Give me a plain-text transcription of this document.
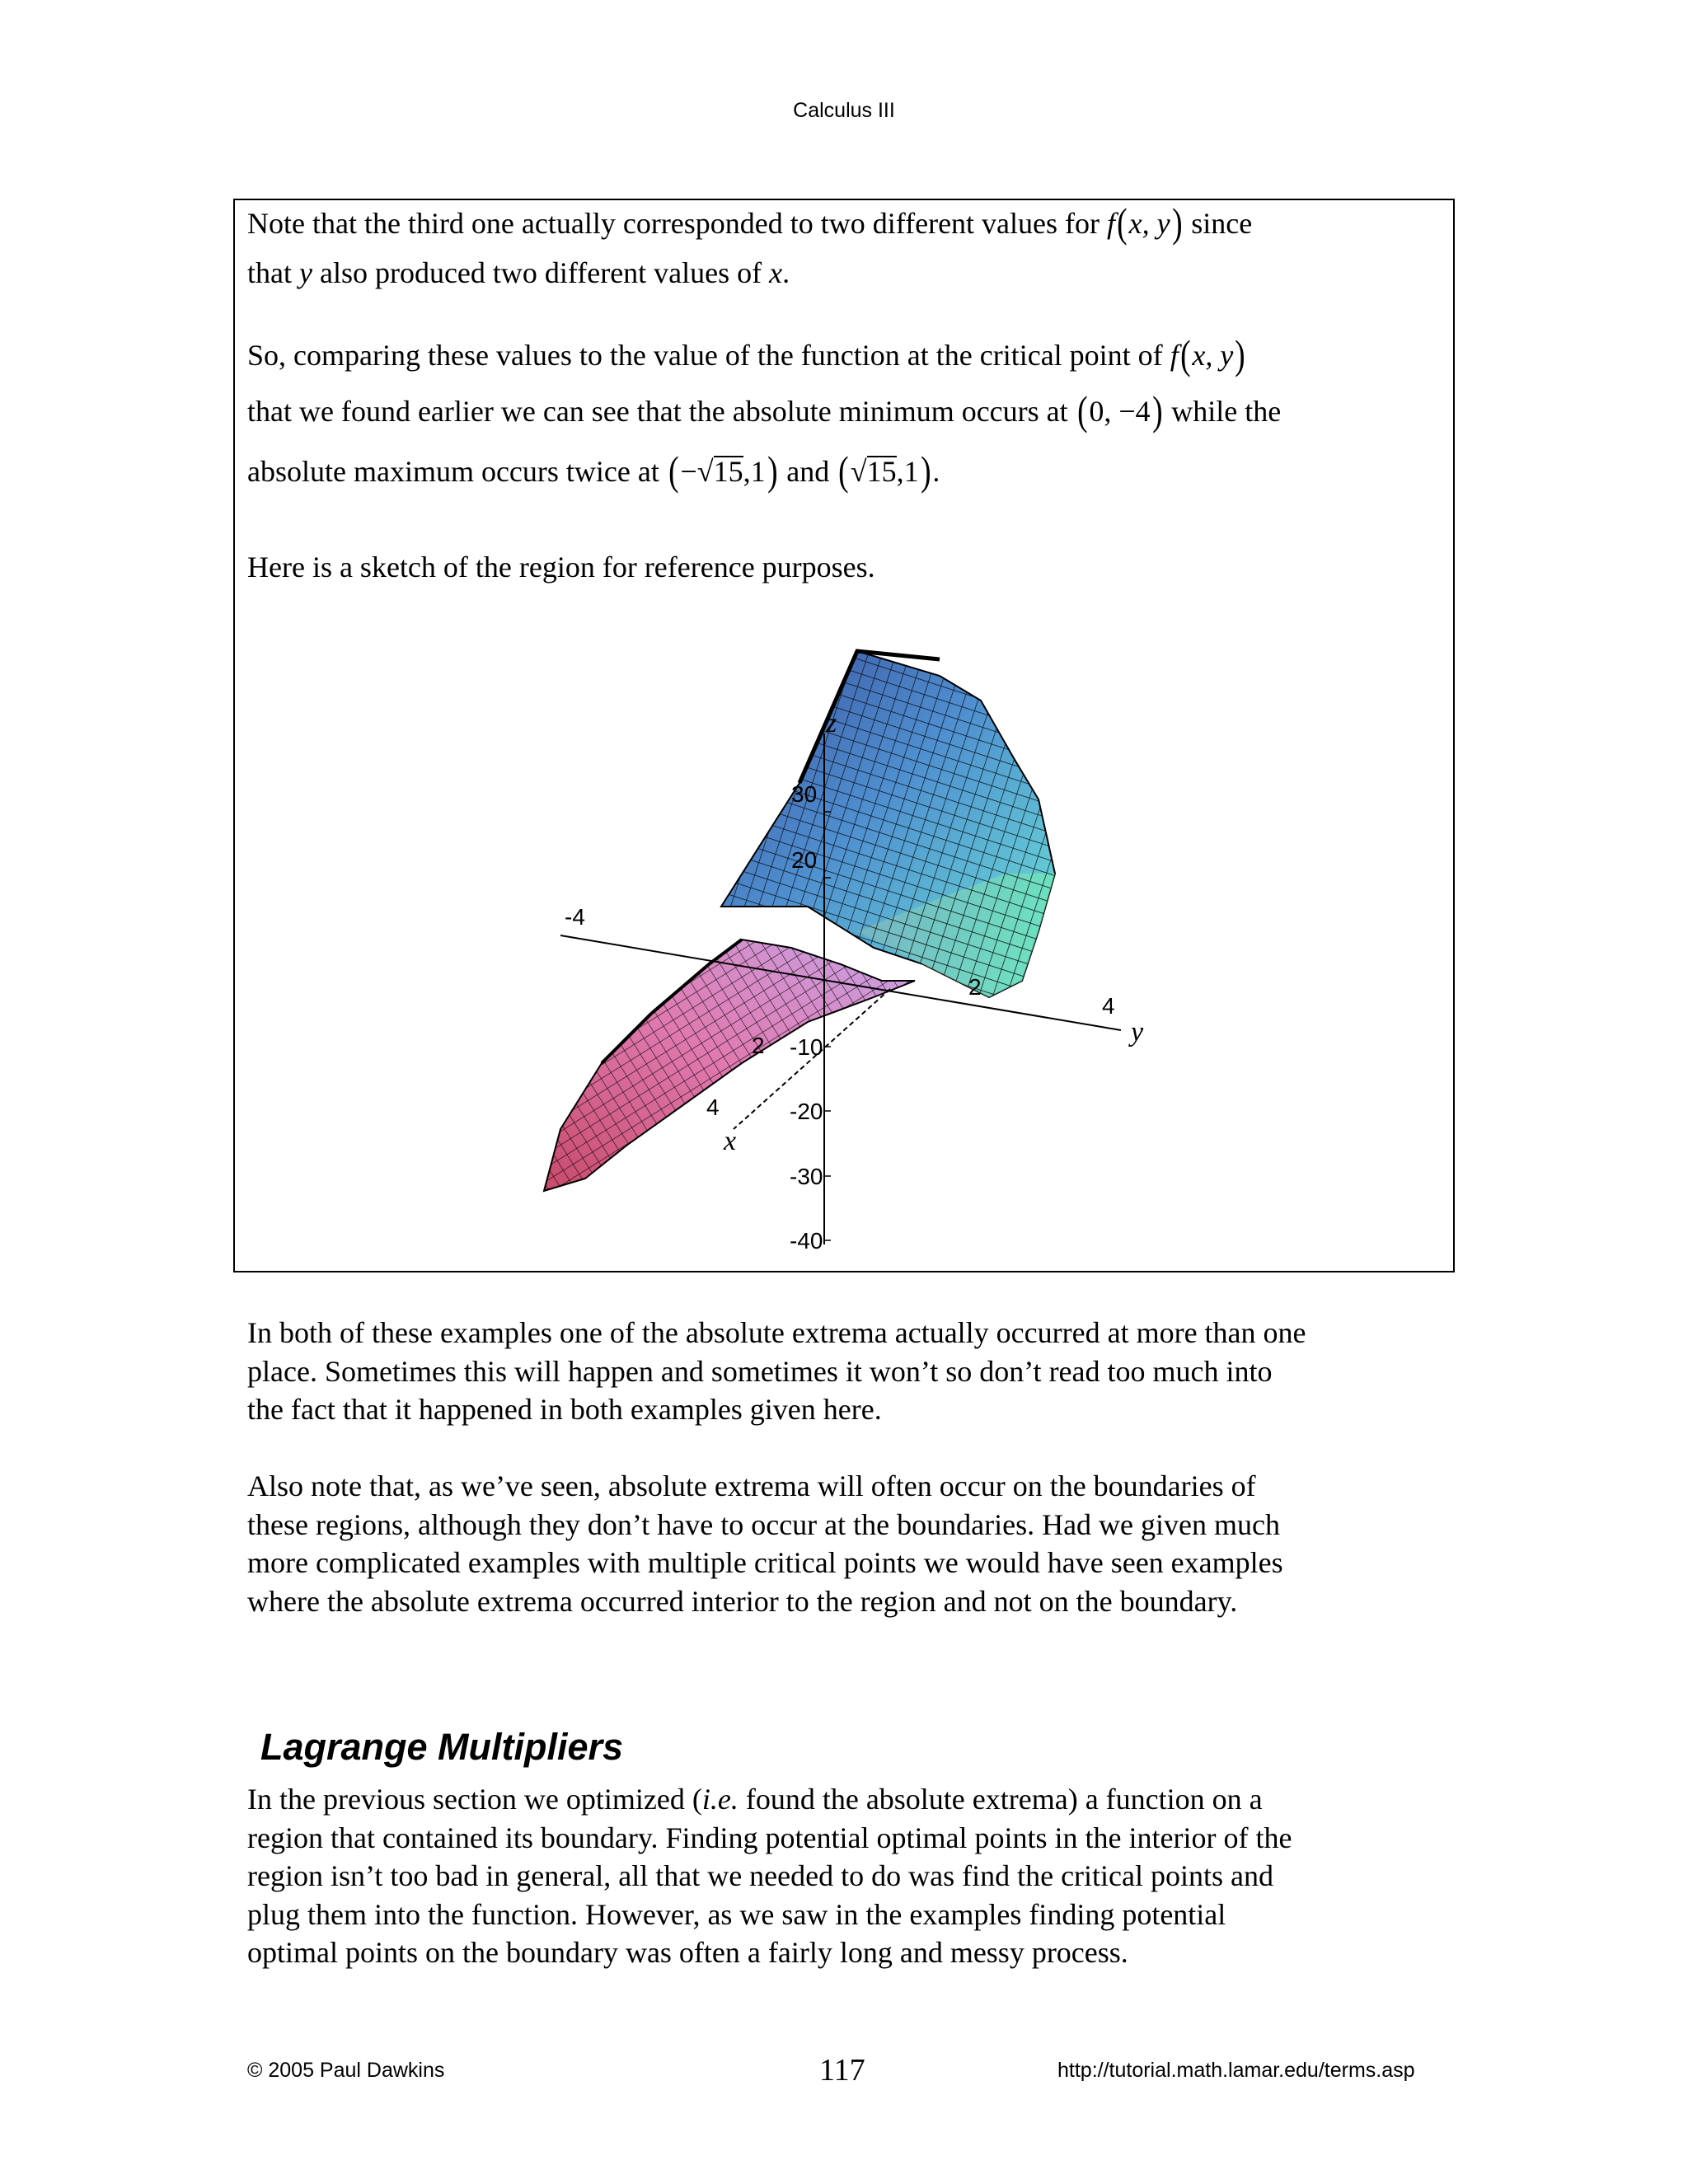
Calculus III
Note that the third one actually corresponded to two different values for f(x, y) since
that y also produced two different values of x.
So, comparing these values to the value of the function at the critical point of f(x, y)
that we found earlier we can see that the absolute minimum occurs at (0, −4) while the
absolute maximum occurs twice at (−√15,1) and (√15,1).
Here is a sketch of the region for reference purposes.
z
x
y
30
20
-10
-20
-30
-40
2
4
-4
2
4
In both of these examples one of the absolute extrema actually occurred at more than one
place. Sometimes this will happen and sometimes it won’t so don’t read too much into
the fact that it happened in both examples given here.
Also note that, as we’ve seen, absolute extrema will often occur on the boundaries of
these regions, although they don’t have to occur at the boundaries. Had we given much
more complicated examples with multiple critical points we would have seen examples
where the absolute extrema occurred interior to the region and not on the boundary.
Lagrange Multipliers
In the previous section we optimized (i.e. found the absolute extrema) a function on a
region that contained its boundary. Finding potential optimal points in the interior of the
region isn’t too bad in general, all that we needed to do was find the critical points and
plug them into the function. However, as we saw in the examples finding potential
optimal points on the boundary was often a fairly long and messy process.
© 2005 Paul Dawkins	117	http://tutorial.math.lamar.edu/terms.asp
